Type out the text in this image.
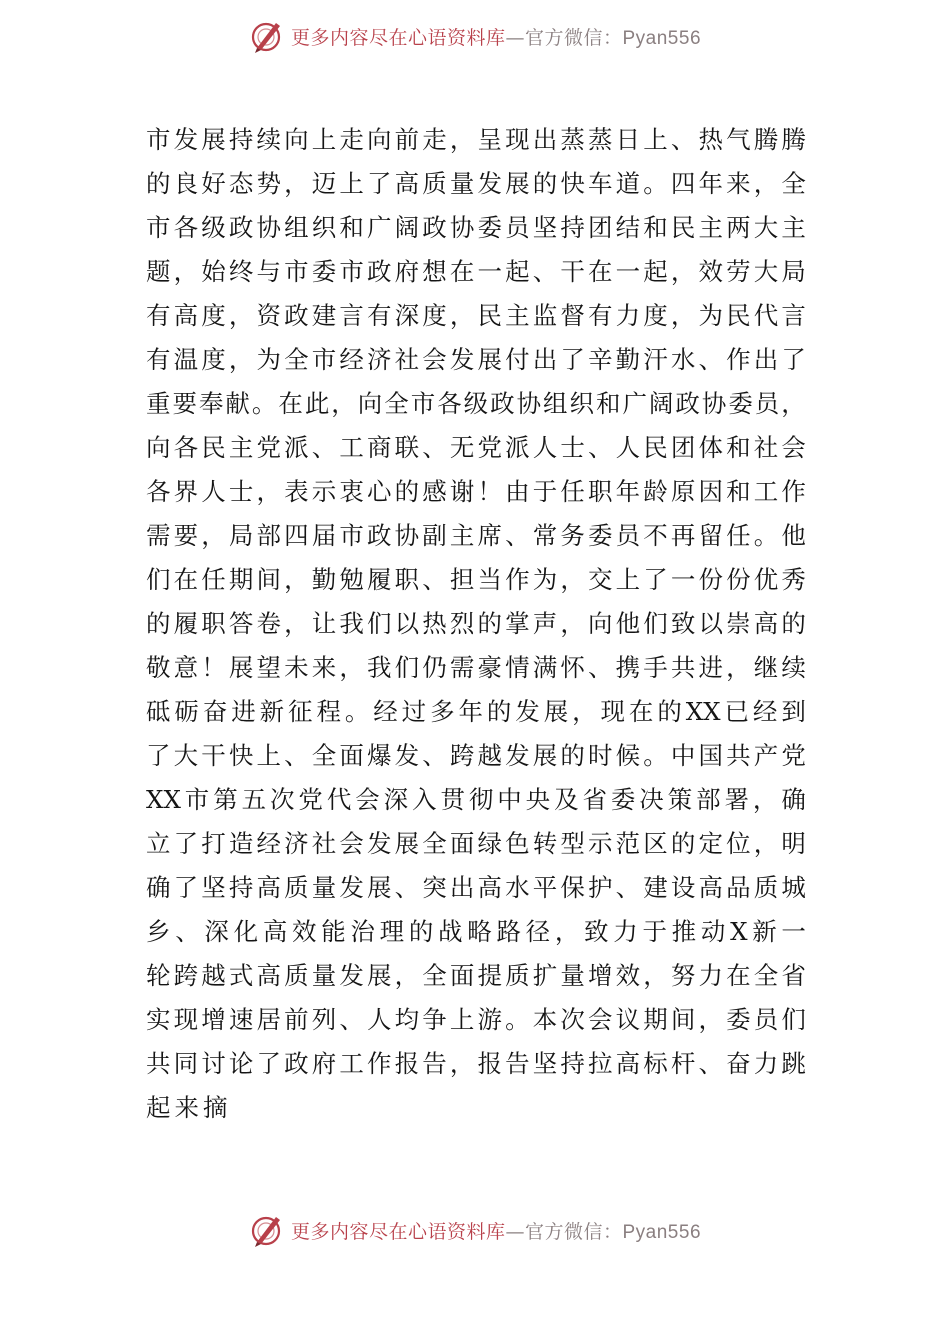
更多内容尽在心语资料库—官方微信：Pyan556
市 发 展 持 续 向 上 走 向 前 走 ， 呈 现 出 蒸 蒸 日 上 、 热 气 腾 腾
的 良 好 态 势 ， 迈 上 了 高 质 量 发 展 的 快 车 道 。 四 年 来 ， 全
市 各 级 政 协 组 织 和 广 阔 政 协 委 员 坚 持 团 结 和 民 主 两 大 主
题 ， 始 终 与 市 委 市 政 府 想 在 一 起 、 干 在 一 起 ， 效 劳 大 局
有 高 度 ， 资 政 建 言 有 深 度 ， 民 主 监 督 有 力 度 ， 为 民 代 言
有 温 度 ， 为 全 市 经 济 社 会 发 展 付 出 了 辛 勤 汗 水 、 作 出 了
重 要 奉 献 。 在 此 ， 向 全 市 各 级 政 协 组 织 和 广 阔 政 协 委 员 ，
向 各 民 主 党 派 、 工 商 联 、 无 党 派 人 士 、 人 民 团 体 和 社 会
各 界 人 士 ， 表 示 衷 心 的 感 谢 ！ 由 于 任 职 年 龄 原 因 和 工 作
需 要 ， 局 部 四 届 市 政 协 副 主 席 、 常 务 委 员 不 再 留 任 。 他
们 在 任 期 间 ， 勤 勉 履 职 、 担 当 作 为 ， 交 上 了 一 份 份 优 秀
的 履 职 答 卷 ， 让 我 们 以 热 烈 的 掌 声 ， 向 他 们 致 以 崇 高 的
敬 意 ！ 展 望 未 来 ， 我 们 仍 需 豪 情 满 怀 、 携 手 共 进 ， 继 续
砥 砺 奋 进 新 征 程 。 经 过 多 年 的 发 展 ， 现 在 的 XX 已 经 到
了 大 干 快 上 、 全 面 爆 发 、 跨 越 发 展 的 时 候 。 中 国 共 产 党
XX 市 第 五 次 党 代 会 深 入 贯 彻 中 央 及 省 委 决 策 部 署 ， 确
立 了 打 造 经 济 社 会 发 展 全 面 绿 色 转 型 示 范 区 的 定 位 ， 明
确 了 坚 持 高 质 量 发 展 、 突 出 高 水 平 保 护 、 建 设 高 品 质 城
乡 、 深 化 高 效 能 治 理 的 战 略 路 径 ， 致 力 于 推 动 X 新 一
轮 跨 越 式 高 质 量 发 展 ， 全 面 提 质 扩 量 增 效 ， 努 力 在 全 省
实 现 增 速 居 前 列 、 人 均 争 上 游 。 本 次 会 议 期 间 ， 委 员 们
共 同 讨 论 了 政 府 工 作 报 告 ， 报 告 坚 持 拉 高 标 杆 、 奋 力 跳
起来摘
更多内容尽在心语资料库—官方微信：Pyan556
